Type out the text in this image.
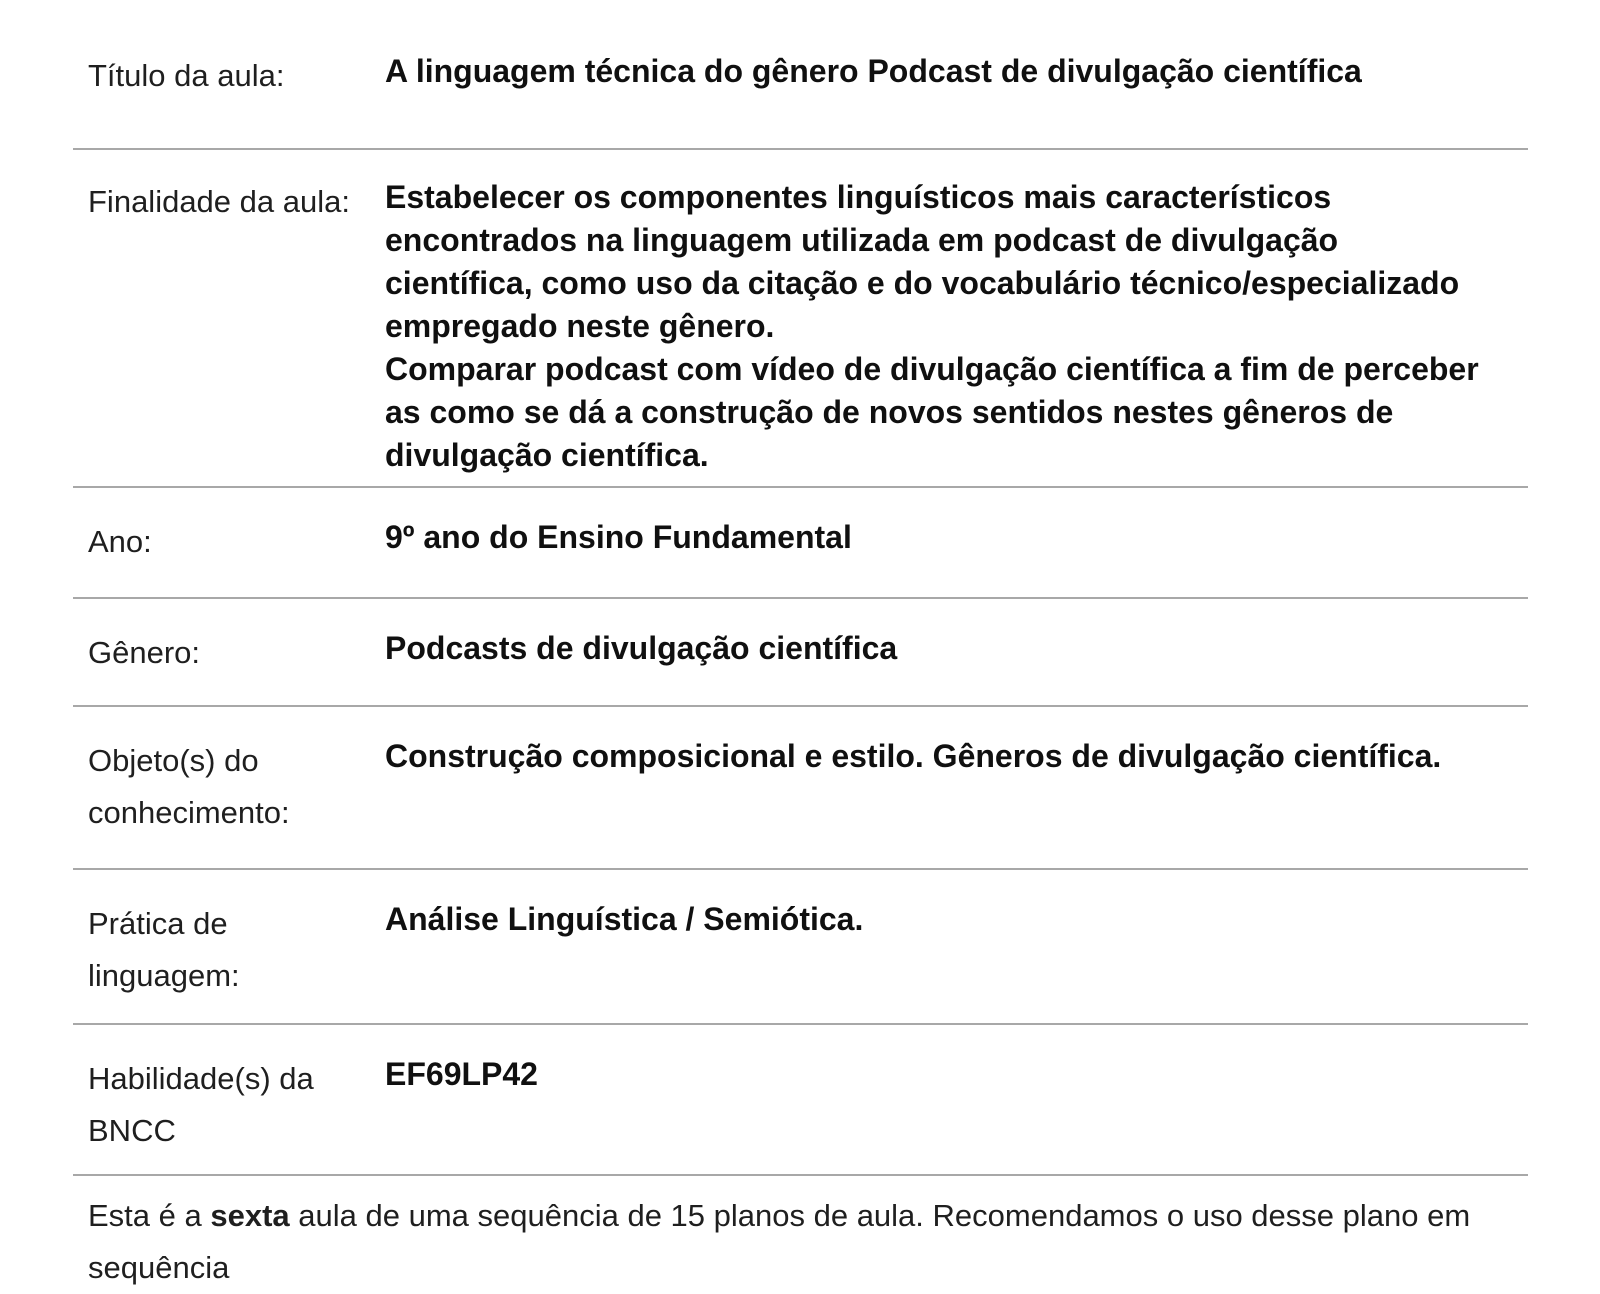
Título da aula:	A linguagem técnica do gênero Podcast de divulgação científica
Finalidade da aula:	Estabelecer os componentes linguísticos mais característicos encontrados na linguagem utilizada em podcast de divulgação científica, como uso da citação e do vocabulário técnico/especializado empregado neste gênero.

Comparar podcast com vídeo de divulgação científica a fim de perceber as como se dá a construção de novos sentidos nestes gêneros de divulgação científica.

Ano:	9º ano do Ensino Fundamental
Gênero:	Podcasts de divulgação científica
Objeto(s) do conhecimento:
Construção composicional e estilo. Gêneros de divulgação científica.
Prática de linguagem:
Análise Linguística / Semiótica.
Habilidade(s) da BNCC
EF69LP42
Esta é a sexta aula de uma sequência de 15 planos de aula. Recomendamos o uso desse plano em sequência
